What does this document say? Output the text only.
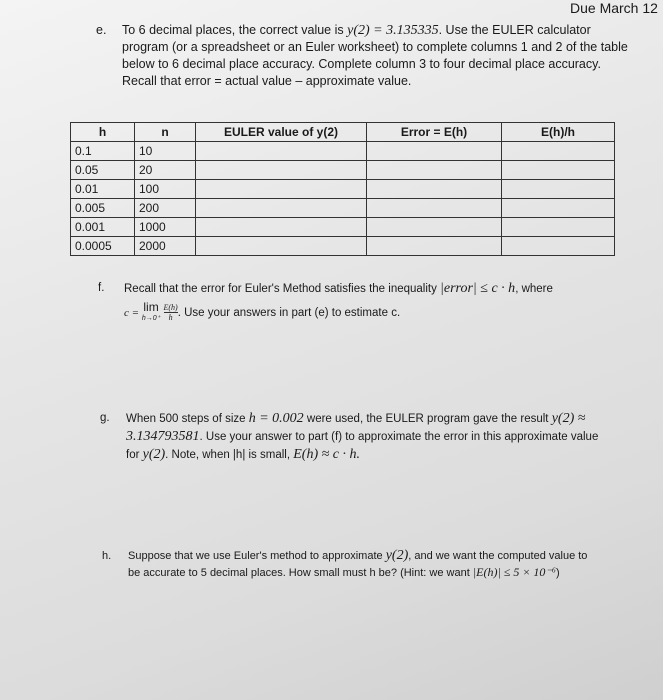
Due March 12
e. To 6 decimal places, the correct value is y(2) = 3.135335. Use the EULER calculator program (or a spreadsheet or an Euler worksheet) to complete columns 1 and 2 of the table below to 6 decimal place accuracy. Complete column 3 to four decimal place accuracy. Recall that error = actual value – approximate value.
h	n	EULER value of y(2)	Error = E(h)	E(h)/h
0.1	10			
0.05	20			
0.01	100			
0.005	200			
0.001	1000			
0.0005	2000			
f. Recall that the error for Euler's Method satisfies the inequality |error| ≤ c · h, where
c = lim
h→0⁺
$\frac{E(h)}{h}$. Use your answers in part (e) to estimate c.
g. When 500 steps of size h = 0.002 were used, the EULER program gave the result y(2) ≈ 3.134793581. Use your answer to part (f) to approximate the error in this approximate value for y(2). Note, when |h| is small, E(h) ≈ c · h.
h. Suppose that we use Euler's method to approximate y(2), and we want the computed value to be accurate to 5 decimal places. How small must h be? (Hint: we want |E(h)| ≤ 5 × 10⁻⁶)
